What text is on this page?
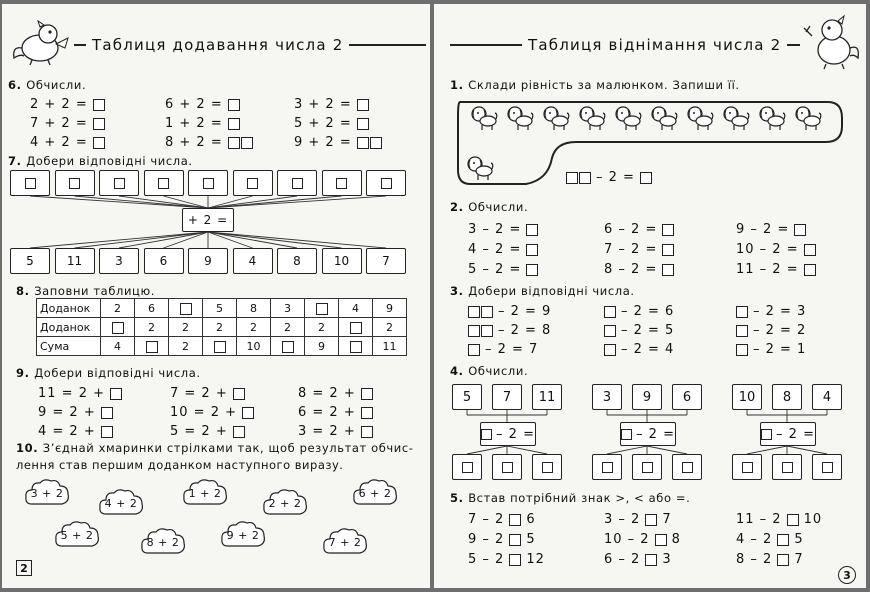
Таблиця додавання числа 2
6. Обчисли.
2 + 2 =	6 + 2 =	3 + 2 =
7 + 2 =	1 + 2 =	5 + 2 =
4 + 2 =	8 + 2 =	9 + 2 =
7. Добери відповідні числа.
+ 2 =
5	11	3	6	9	4	8	10	7
8. Заповни таблицю.
Доданок	2	6		5	8	3		4	9
Доданок		2	2	2	2	2	2		2
Сума	4		2		10		9		11
9. Добери відповідні числа.
11 = 2 +	7 = 2 +	8 = 2 +
9 = 2 +	10 = 2 +	6 = 2 +
4 = 2 +	5 = 2 +	3 = 2 +
10. З’єднай хмаринки стрілками так, щоб результат обчис-
лення став першим доданком наступного виразу.
3 + 2
4 + 2
1 + 2
2 + 2
6 + 2
5 + 2
8 + 2
9 + 2
7 + 2
2
Таблиця віднімання числа 2
1. Склади рівність за малюнком. Запиши її.
– 2 =
2. Обчисли.
3 – 2 =	6 – 2 =	9 – 2 =
4 – 2 =	7 – 2 =	10 – 2 =
5 – 2 =	8 – 2 =	11 – 2 =
3. Добери відповідні числа.
– 2 = 9	– 2 = 6	– 2 = 3
– 2 = 8	– 2 = 5	– 2 = 2
– 2 = 7	– 2 = 4	– 2 = 1
4. Обчисли.
5 7 11
– 2 =
3 9 6
– 2 =
10 8 4
– 2 =
5. Встав потрібний знак >, < або =.
7 – 2 6	3 – 2 7	11 – 2 10
9 – 2 5	10 – 2 8	4 – 2 5
5 – 2 12	6 – 2 3	8 – 2 7
3
